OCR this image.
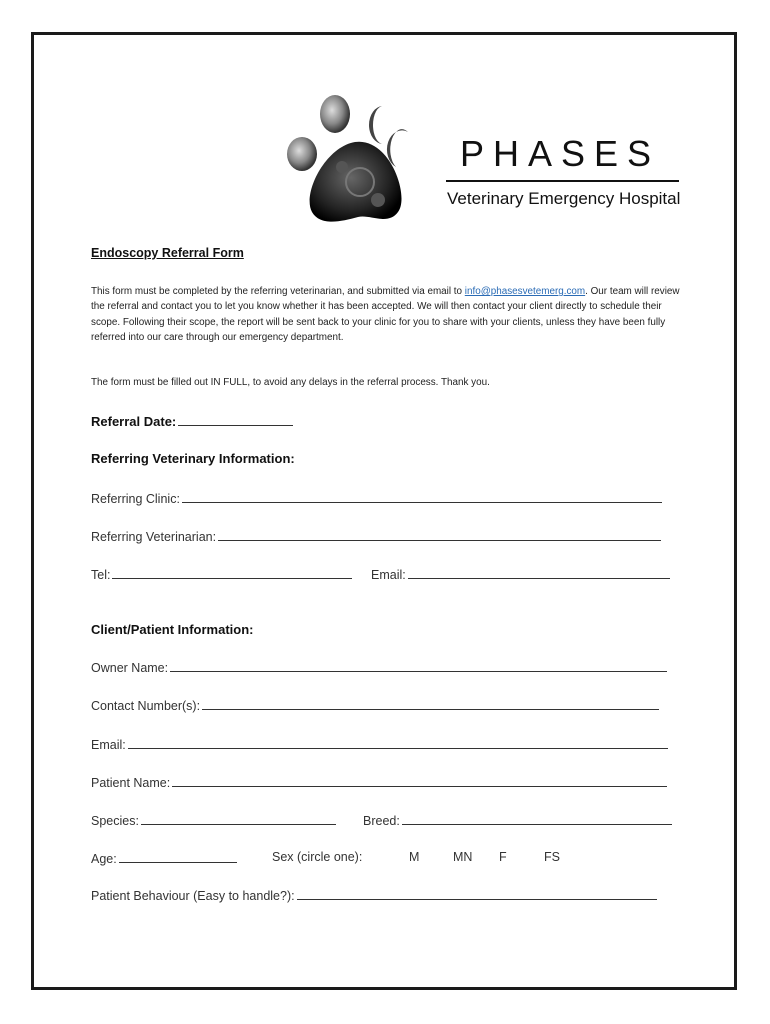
PHASES
Veterinary Emergency Hospital
Endoscopy Referral Form
This form must be completed by the referring veterinarian, and submitted via email to info@phasesvetemerg.com. Our team will review the referral and contact you to let you know whether it has been accepted. We will then contact your client directly to schedule their scope. Following their scope, the report will be sent back to your clinic for you to share with your clients, unless they have been fully referred into our care through our emergency department.
The form must be filled out IN FULL, to avoid any delays in the referral process. Thank you.
Referral Date:
Referring Veterinary Information:
Referring Clinic:
Referring Veterinarian:
Tel:	Email:
Client/Patient Information:
Owner Name:
Contact Number(s):
Email:
Patient Name:
Species:	Breed:
Age:	Sex (circle one):	M	MN F	FS
Patient Behaviour (Easy to handle?):
